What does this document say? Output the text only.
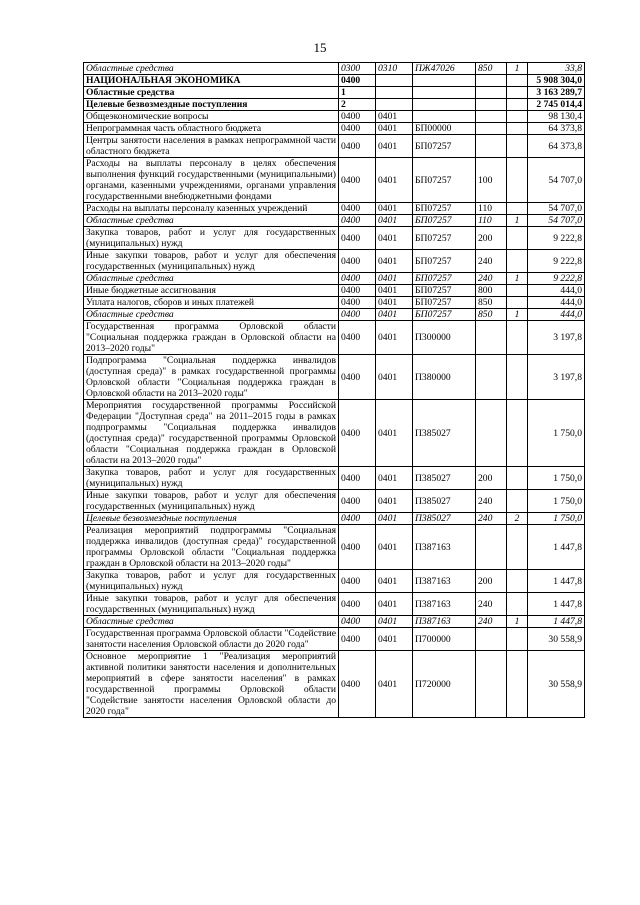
15
Областные средства	0300	0310	ПЖ47026	850	1	33,8
НАЦИОНАЛЬНАЯ ЭКОНОМИКА	0400					5 908 304,0
Областные средства	1					3 163 289,7
Целевые безвозмездные поступления	2					2 745 014,4
Общеэкономические вопросы	0400	0401				98 130,4
Непрограммная часть областного бюджета	0400	0401	БП00000			64 373,8
Центры занятости населения в рамках непрограммной части областного бюджета	0400	0401	БП07257			64 373,8
Расходы на выплаты персоналу в целях обеспечения выполнения функций государственными (муниципальными) органами, казенными учреждениями, органами управления государственными внебюджетными фондами	0400	0401	БП07257	100		54 707,0
Расходы на выплаты персоналу казенных учреждений	0400	0401	БП07257	110		54 707,0
Областные средства	0400	0401	БП07257	110	1	54 707,0
Закупка товаров, работ и услуг для государственных (муниципальных) нужд	0400	0401	БП07257	200		9 222,8
Иные закупки товаров, работ и услуг для обеспечения государственных (муниципальных) нужд	0400	0401	БП07257	240		9 222,8
Областные средства	0400	0401	БП07257	240	1	9 222,8
Иные бюджетные ассигнования	0400	0401	БП07257	800		444,0
Уплата налогов, сборов и иных платежей	0400	0401	БП07257	850		444,0
Областные средства	0400	0401	БП07257	850	1	444,0
Государственная программа Орловской области "Социальная поддержка граждан в Орловской области на 2013–2020 годы"	0400	0401	П300000			3 197,8
Подпрограмма "Социальная поддержка инвалидов (доступная среда)" в рамках государственной программы Орловской области "Социальная поддержка граждан в Орловской области на 2013–2020 годы"	0400	0401	П380000			3 197,8
Мероприятия государственной программы Российской Федерации "Доступная среда" на 2011–2015 годы в рамках подпрограммы "Социальная поддержка инвалидов (доступная среда)" государственной программы Орловской области "Социальная поддержка граждан в Орловской области на 2013–2020 годы"	0400	0401	П385027			1 750,0
Закупка товаров, работ и услуг для государственных (муниципальных) нужд	0400	0401	П385027	200		1 750,0
Иные закупки товаров, работ и услуг для обеспечения государственных (муниципальных) нужд	0400	0401	П385027	240		1 750,0
Целевые безвозмездные поступления	0400	0401	П385027	240	2	1 750,0
Реализация мероприятий подпрограммы "Социальная поддержка инвалидов (доступная среда)" государственной программы Орловской области "Социальная поддержка граждан в Орловской области на 2013–2020 годы"	0400	0401	П387163			1 447,8
Закупка товаров, работ и услуг для государственных (муниципальных) нужд	0400	0401	П387163	200		1 447,8
Иные закупки товаров, работ и услуг для обеспечения государственных (муниципальных) нужд	0400	0401	П387163	240		1 447,8
Областные средства	0400	0401	П387163	240	1	1 447,8
Государственная программа Орловской области "Содействие занятости населения Орловской области до 2020 года"	0400	0401	П700000			30 558,9
Основное мероприятие 1 "Реализация мероприятий активной политики занятости населения и дополнительных мероприятий в сфере занятости населения" в рамках государственной программы Орловской области "Содействие занятости населения Орловской области до 2020 года"	0400	0401	П720000			30 558,9
